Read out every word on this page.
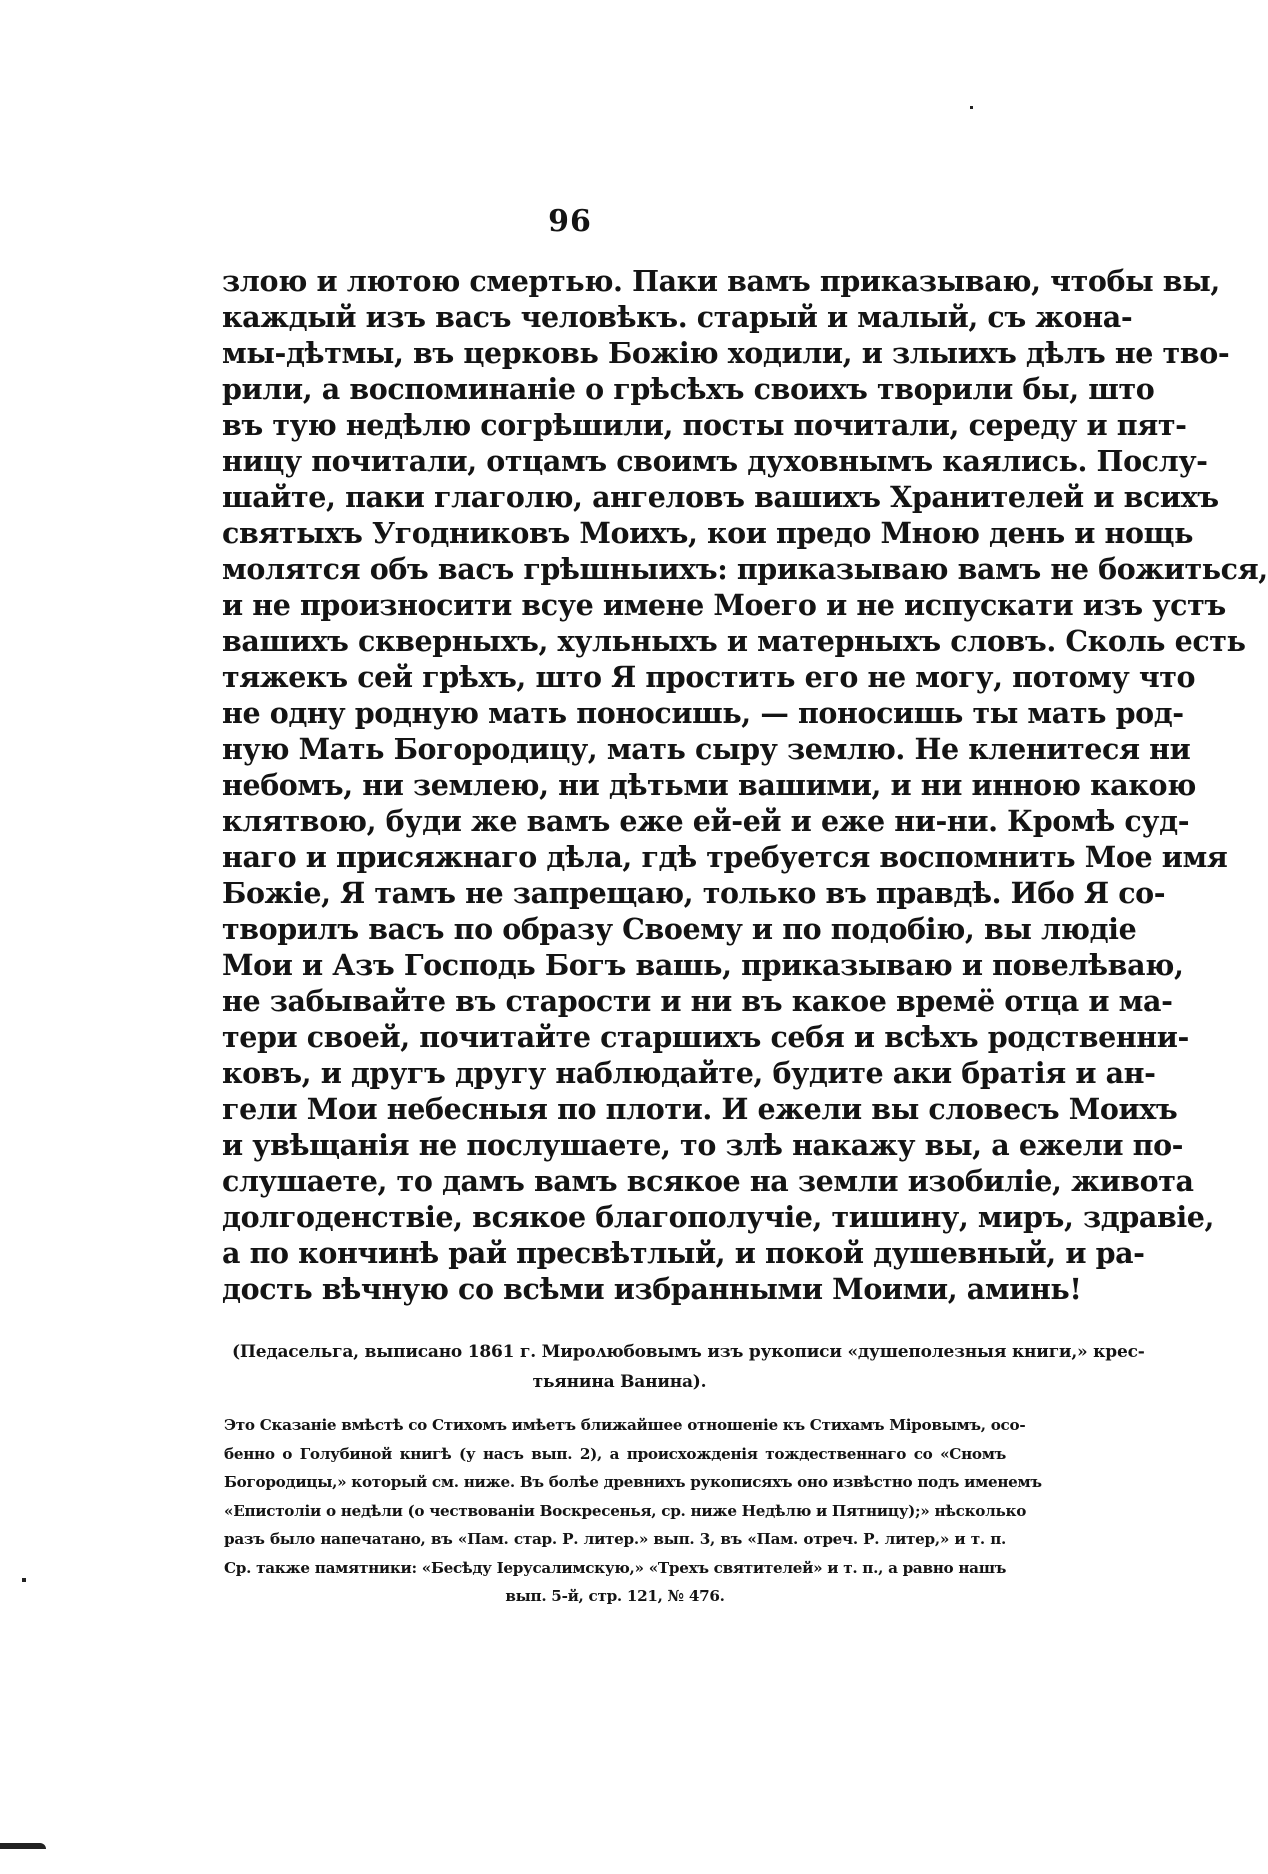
96
злою и лютою смертью. Паки вамъ приказываю, чтобы вы,
каждый изъ васъ человѣкъ. старый и малый, съ жона-
мы-дѣтмы, въ церковь Божiю ходили, и злыихъ дѣлъ не тво-
рили, а воспоминанiе о грѣсѣхъ своихъ творили бы, што
въ тую недѣлю согрѣшили, посты почитали, середу и пят-
ницу почитали, отцамъ своимъ духовнымъ каялись. Послу-
шайте, паки глаголю, ангеловъ вашихъ Хранителей и всихъ
святыхъ Угодниковъ Моихъ, кои предо Мною день и нощь
молятся объ васъ грѣшныихъ: приказываю вамъ не божиться,
и не произносити всуе имене Моего и не испускати изъ устъ
вашихъ скверныхъ, хульныхъ и матерныхъ словъ. Сколь есть
тяжекъ сей грѣхъ, што Я простить его не могу, потому что
не одну родную мать поносишь, — поносишь ты мать род-
ную Мать Богородицу, мать сыру землю. Не кленитеся ни
небомъ, ни землею, ни дѣтьми вашими, и ни инною какою
клятвою, буди же вамъ еже ей-ей и еже ни-ни. Кромѣ суд-
наго и присяжнаго дѣла, гдѣ требуется воспомнить Мое имя
Божiе, Я тамъ не запрещаю, только въ правдѣ. Ибо Я со-
творилъ васъ по образу Своему и по подобiю, вы людiе
Мои и Азъ Господь Богъ вашь, приказываю и повелѣваю,
не забывайте въ старости и ни въ какое времё отца и ма-
тери своей, почитайте старшихъ себя и всѣхъ родственни-
ковъ, и другъ другу наблюдайте, будите аки братiя и ан-
гели Мои небесныя по плоти. И ежели вы словесъ Моихъ
и увѣщанiя не послушаете, то злѣ накажу вы, а ежели по-
слушаете, то дамъ вамъ всякое на земли изобилiе, живота
долгоденствiе, всякое благополучiе, тишину, миръ, здравiе,
а по кончинѣ рай пресвѣтлый, и покой душевный, и ра-
дость вѣчную со всѣми избранными Моими, аминь!
(Педасельга, выписано 1861 г. Мироᴧюбовымъ изъ рукописи «душеполезныя книги,» крес-
тьянина Ванина).
Это Сказанiе вмѣстѣ со Стихомъ имѣетъ ближайшее отношенiе къ Стихамъ Мiровымъ, осо-
бенно о Голубиной книгѣ (у насъ вып. 2), а происхожденiя тождественнаго со «Сномъ
Богородицы,» который см. ниже. Въ болѣе древнихъ рукописяхъ оно извѣстно подъ именемъ
«Епистолiи о недѣли (о чествованiи Воскресенья, ср. ниже Недѣлю и Пятницу);» нѣсколько
разъ было напечатано, въ «Пам. стар. Р. литер.» вып. 3, въ «Пам. отреч. Р. литер,» и т. п.
Ср. также памятники: «Бесѣду Iерусалимскую,» «Трехъ святителей» и т. п., а равно нашъ
вып. 5-й, стр. 121, № 476.
